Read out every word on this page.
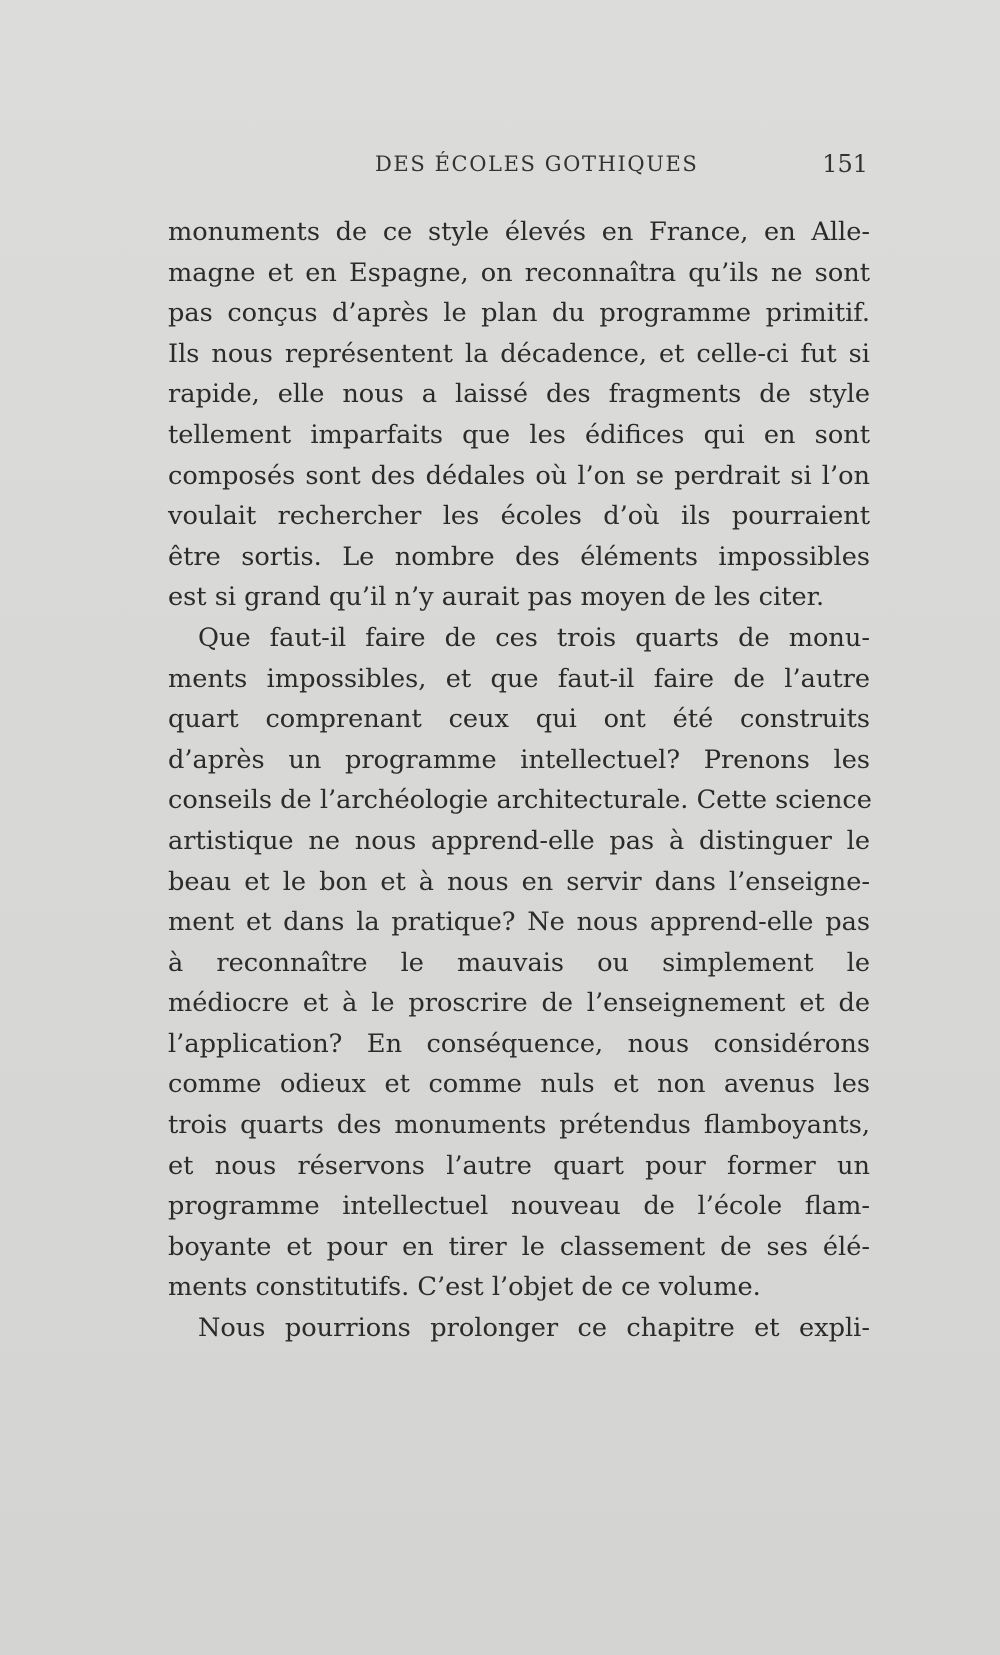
DES ÉCOLES GOTHIQUES	151
monuments de ce style élevés en France, en Alle-
magne et en Espagne, on reconnaîtra qu’ils ne sont
pas conçus d’après le plan du programme primitif.
Ils nous représentent la décadence, et celle-ci fut si
rapide, elle nous a laissé des fragments de style
tellement imparfaits que les édifices qui en sont
composés sont des dédales où l’on se perdrait si l’on
voulait rechercher les écoles d’où ils pourraient
être sortis. Le nombre des éléments impossibles
est si grand qu’il n’y aurait pas moyen de les citer.
Que faut-il faire de ces trois quarts de monu-
ments impossibles, et que faut-il faire de l’autre
quart comprenant ceux qui ont été construits
d’après un programme intellectuel? Prenons les
conseils de l’archéologie architecturale. Cette science
artistique ne nous apprend-elle pas à distinguer le
beau et le bon et à nous en servir dans l’enseigne-
ment et dans la pratique? Ne nous apprend-elle pas
à reconnaître le mauvais ou simplement le
médiocre et à le proscrire de l’enseignement et de
l’application? En conséquence, nous considérons
comme odieux et comme nuls et non avenus les
trois quarts des monuments prétendus flamboyants,
et nous réservons l’autre quart pour former un
programme intellectuel nouveau de l’école flam-
boyante et pour en tirer le classement de ses élé-
ments constitutifs. C’est l’objet de ce volume.
Nous pourrions prolonger ce chapitre et expli-
